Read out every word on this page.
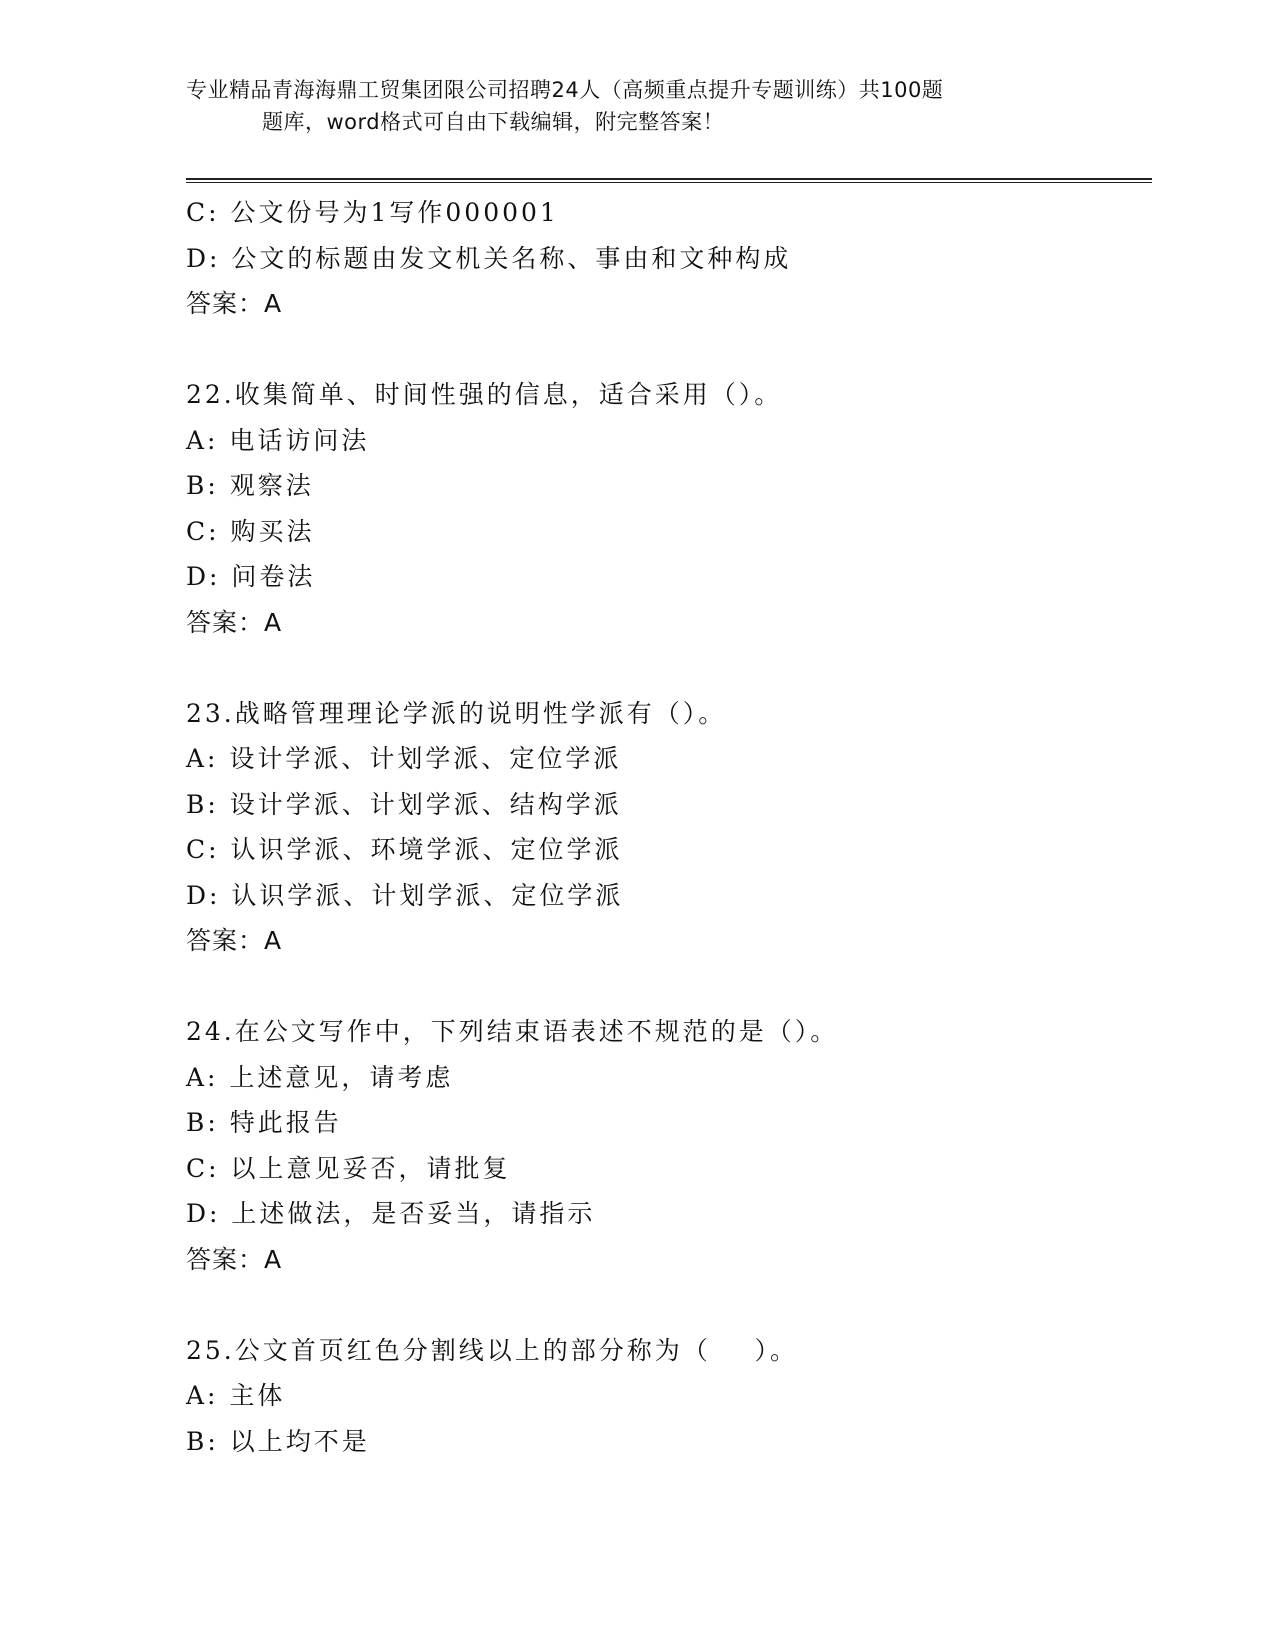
专业精品青海海鼎工贸集团限公司招聘24人（高频重点提升专题训练）共100题
题库，word格式可自由下载编辑，附完整答案！
C: 公文份号为1写作000001
D: 公文的标题由发文机关名称、事由和文种构成
答案：A
22.收集简单、时间性强的信息，适合采用（）。
A: 电话访问法
B: 观察法
C: 购买法
D: 问卷法
答案：A
23.战略管理理论学派的说明性学派有（）。
A: 设计学派、计划学派、定位学派
B: 设计学派、计划学派、结构学派
C: 认识学派、环境学派、定位学派
D: 认识学派、计划学派、定位学派
答案：A
24.在公文写作中，下列结束语表述不规范的是（）。
A: 上述意见，请考虑
B: 特此报告
C: 以上意见妥否，请批复
D: 上述做法，是否妥当，请指示
答案：A
25.公文首页红色分割线以上的部分称为（    ）。
A: 主体
B: 以上均不是
